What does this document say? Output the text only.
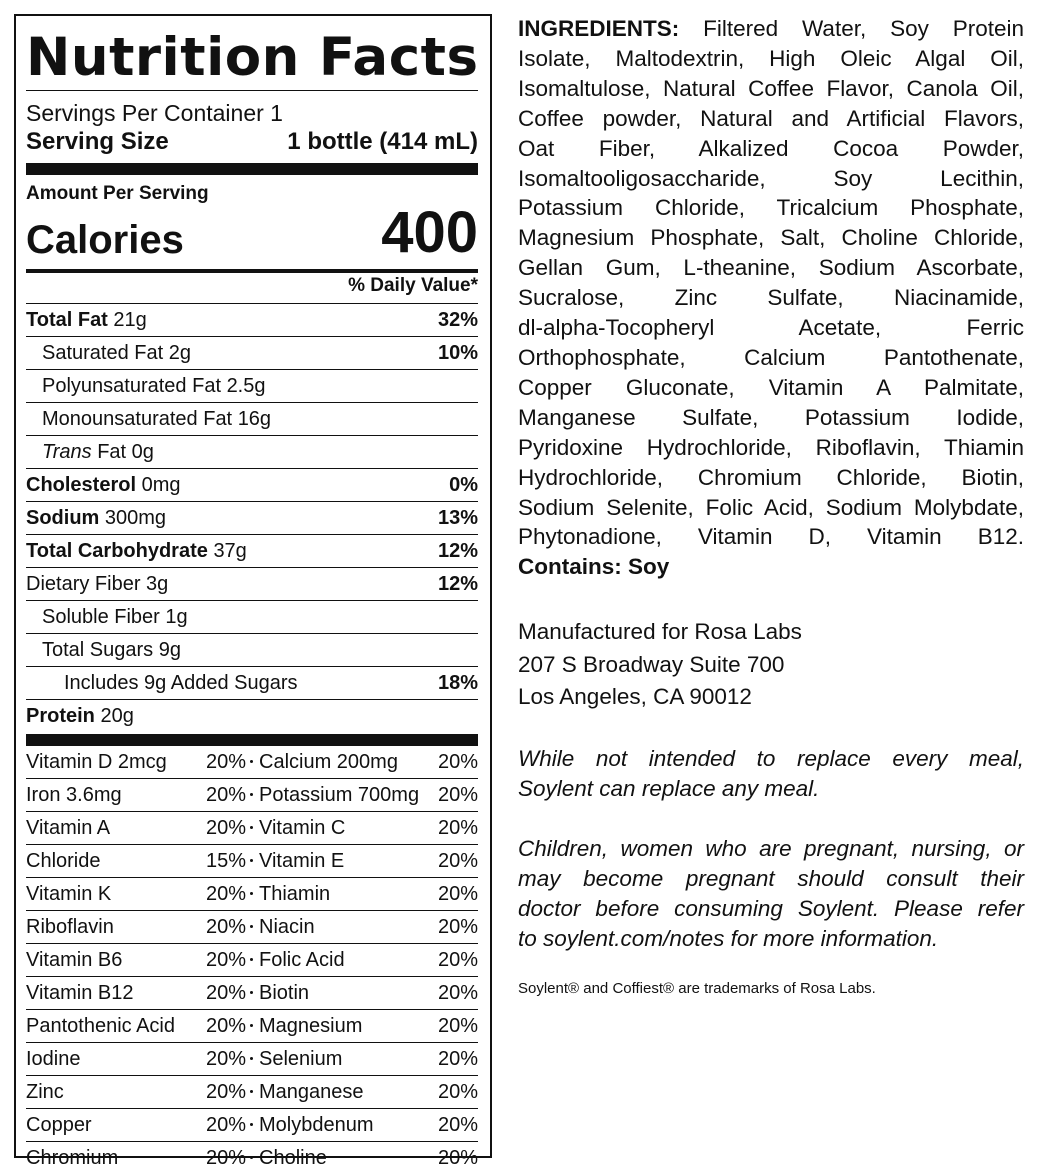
Nutrition Facts
Servings Per Container 1
Serving Size	1 bottle (414 mL)
Amount Per Serving
Calories	400
% Daily Value*
Total Fat 21g	32%
Saturated Fat 2g	10%
Polyunsaturated Fat 2.5g
Monounsaturated Fat 16g
Trans Fat 0g
Cholesterol 0mg	0%
Sodium 300mg	13%
Total Carbohydrate 37g	12%
Dietary Fiber 3g	12%
Soluble Fiber 1g
Total Sugars 9g
Includes 9g Added Sugars	18%
Protein 20g
Vitamin D 2mcg	20% Calcium 200mg	20%
Iron 3.6mg	20% Potassium 700mg 20%
Vitamin A	20% Vitamin C	20%
Chloride	15% Vitamin E	20%
Vitamin K	20% Thiamin	20%
Riboflavin	20% Niacin	20%
Vitamin B6	20% Folic Acid	20%
Vitamin B12	20% Biotin	20%
Pantothenic Acid	20% Magnesium	20%
Iodine	20% Selenium	20%
Zinc	20% Manganese	20%
Copper	20% Molybdenum	20%
Chromium	20% Choline	20%
INGREDIENTS: Filtered Water, Soy Protein
Isolate, Maltodextrin, High Oleic Algal Oil,
Isomaltulose, Natural Coffee Flavor, Canola Oil,
Coffee powder, Natural and Artificial Flavors,
Oat Fiber, Alkalized Cocoa Powder,
Isomaltooligosaccharide, Soy Lecithin,
Potassium Chloride, Tricalcium Phosphate,
Magnesium Phosphate, Salt, Choline Chloride,
Gellan Gum, L-theanine, Sodium Ascorbate,
Sucralose, Zinc Sulfate, Niacinamide,
dl-alpha-Tocopheryl Acetate, Ferric
Orthophosphate, Calcium Pantothenate,
Copper Gluconate, Vitamin A Palmitate,
Manganese Sulfate, Potassium Iodide,
Pyridoxine Hydrochloride, Riboflavin, Thiamin
Hydrochloride, Chromium Chloride, Biotin,
Sodium Selenite, Folic Acid, Sodium Molybdate,
Phytonadione, Vitamin D, Vitamin B12.
Contains: Soy
Manufactured for Rosa Labs
207 S Broadway Suite 700
Los Angeles, CA 90012
While not intended to replace every meal,
Soylent can replace any meal.
Children, women who are pregnant, nursing, or
may become pregnant should consult their
doctor before consuming Soylent. Please refer
to soylent.com/notes for more information.
Soylent® and Coffiest® are trademarks of Rosa Labs.
